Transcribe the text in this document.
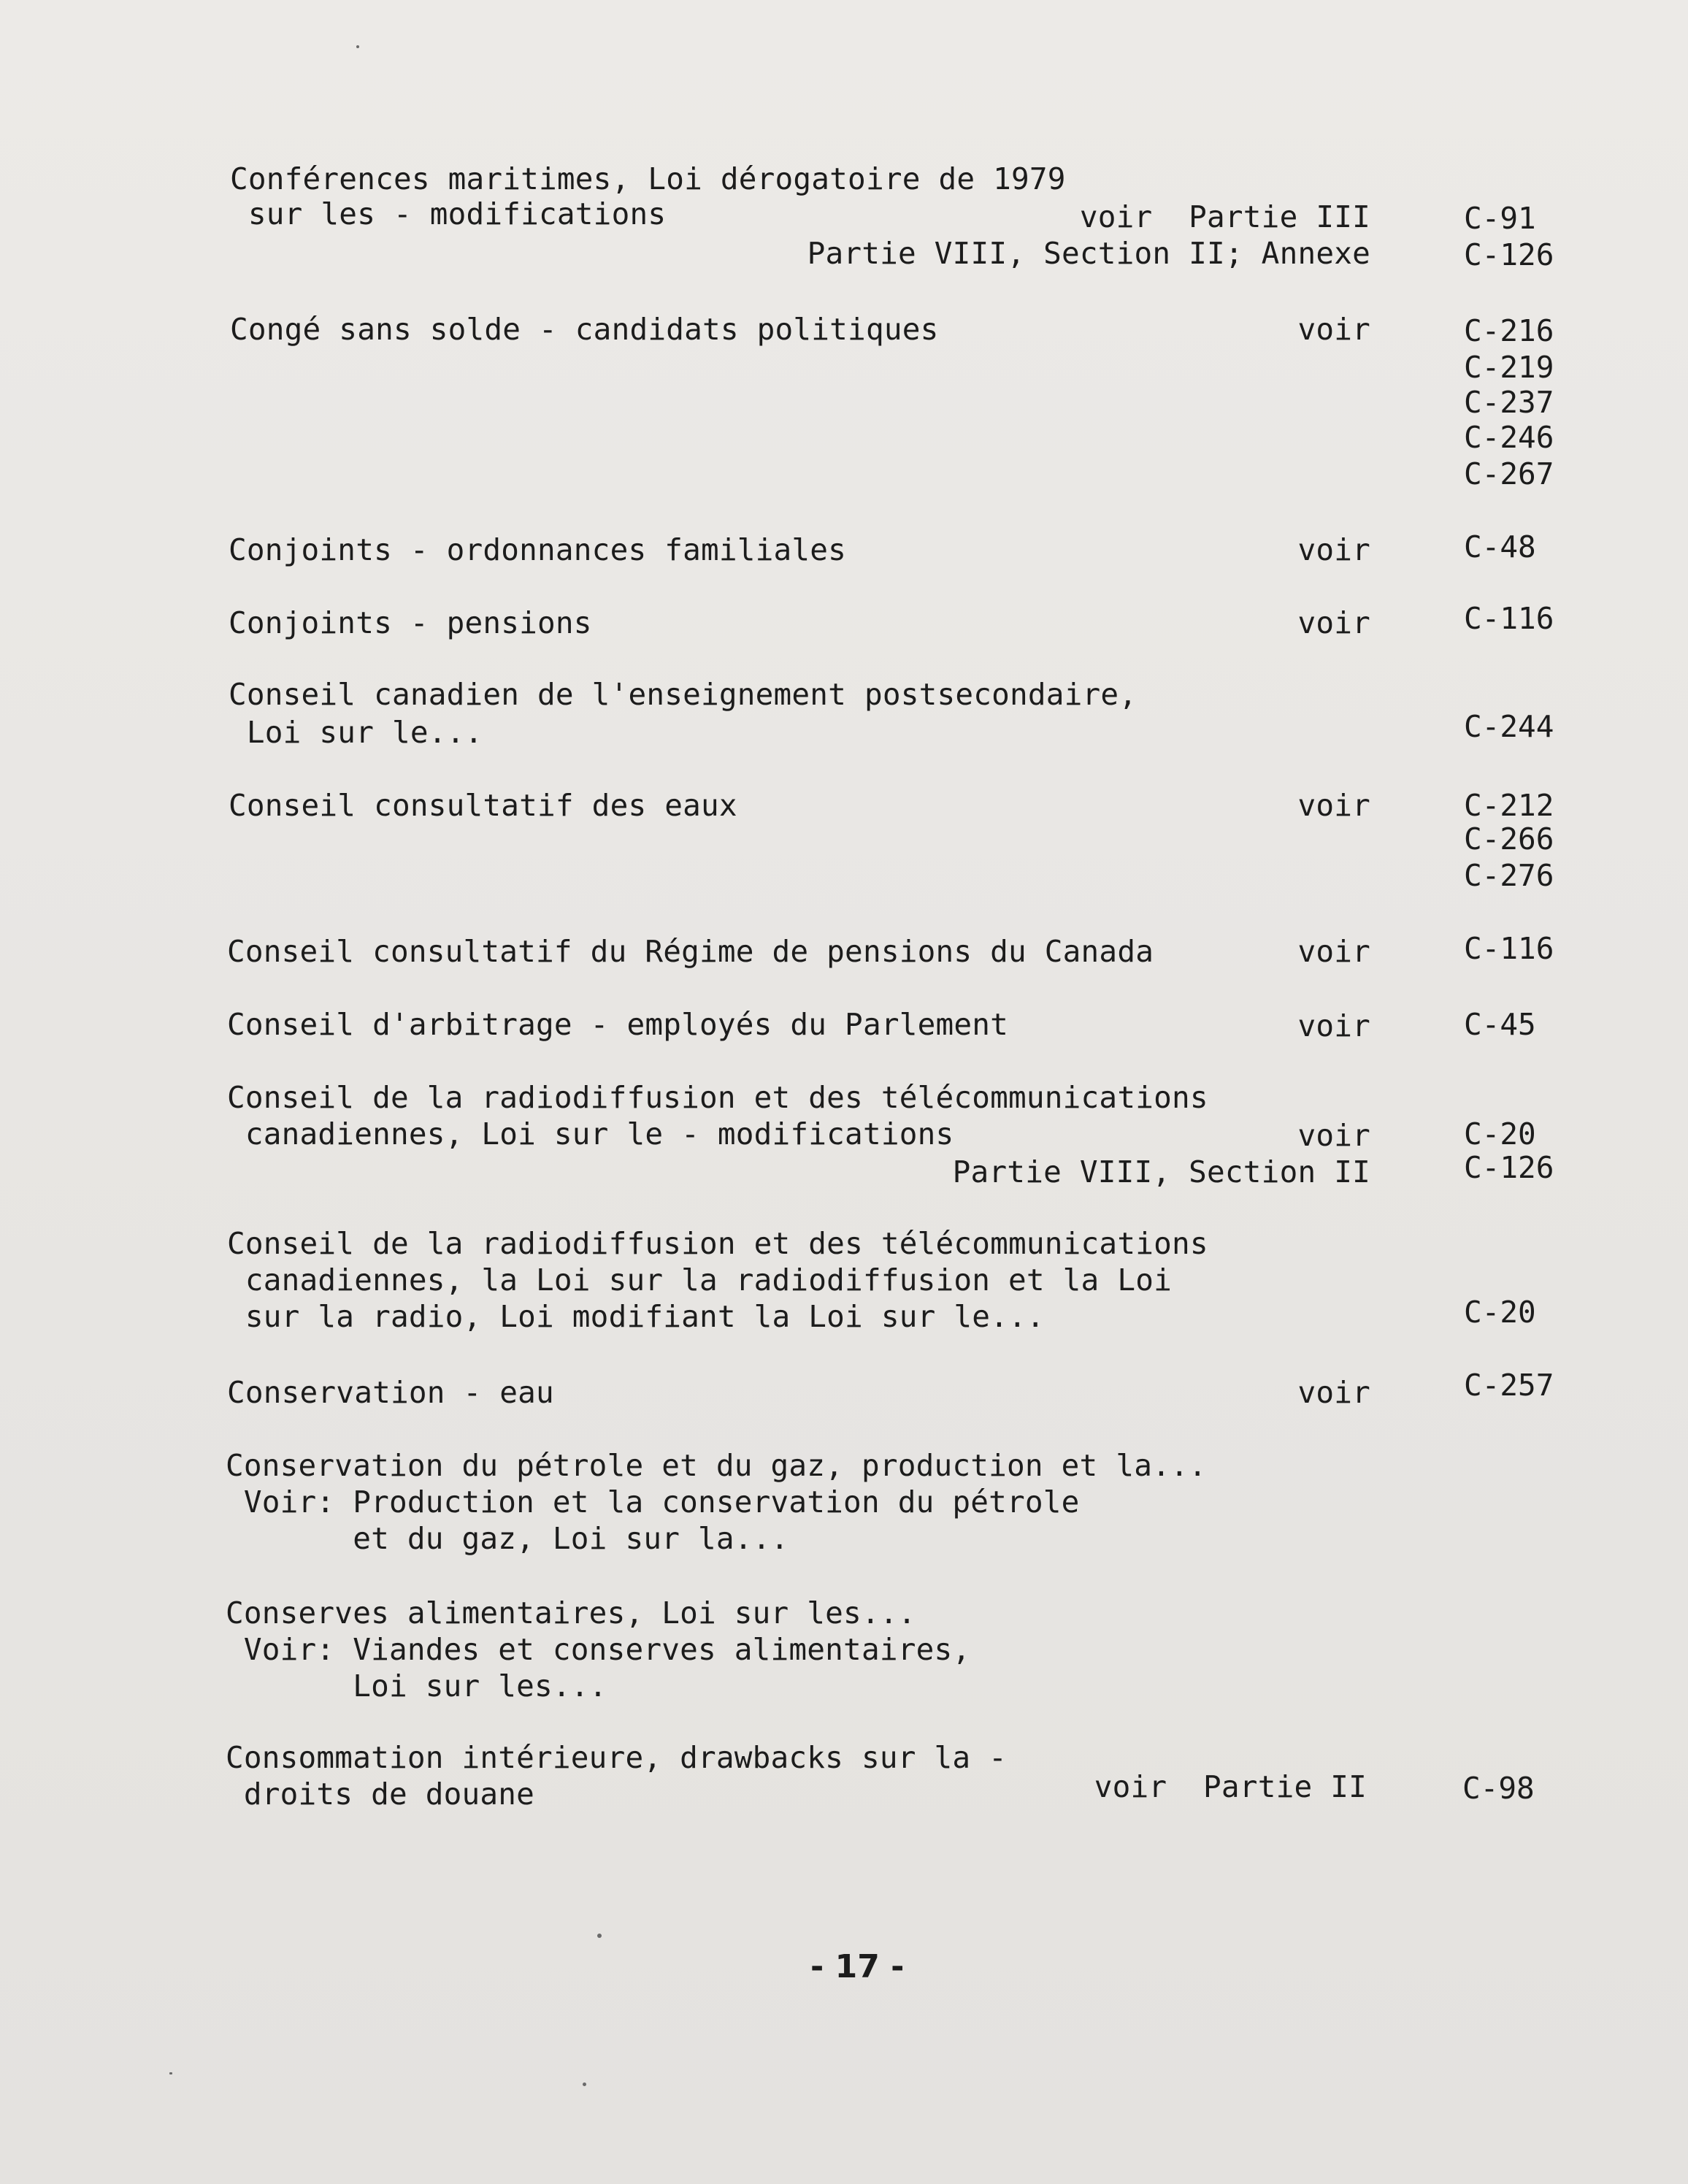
Conférences maritimes, Loi dérogatoire de 1979
sur les - modifications	voir  Partie III	C-91
Partie VIII, Section II; Annexe	C-126
Congé sans solde - candidats politiques	voir	C-216
C-219
C-237
C-246
C-267
Conjoints - ordonnances familiales	voir	C-48
Conjoints - pensions	voir	C-116
Conseil canadien de l'enseignement postsecondaire,
Loi sur le...	C-244
Conseil consultatif des eaux	voir	C-212
C-266
C-276
Conseil consultatif du Régime de pensions du Canada	voir	C-116
Conseil d'arbitrage - employés du Parlement	voir	C-45
Conseil de la radiodiffusion et des télécommunications
canadiennes, Loi sur le - modifications	voir	C-20
Partie VIII, Section II	C-126
Conseil de la radiodiffusion et des télécommunications
canadiennes, la Loi sur la radiodiffusion et la Loi
sur la radio, Loi modifiant la Loi sur le...	C-20
Conservation - eau	voir	C-257
Conservation du pétrole et du gaz, production et la...
Voir: Production et la conservation du pétrole
et du gaz, Loi sur la...
Conserves alimentaires, Loi sur les...
Voir: Viandes et conserves alimentaires,
Loi sur les...
Consommation intérieure, drawbacks sur la -
droits de douane	voir  Partie II	C-98
- 17 -
